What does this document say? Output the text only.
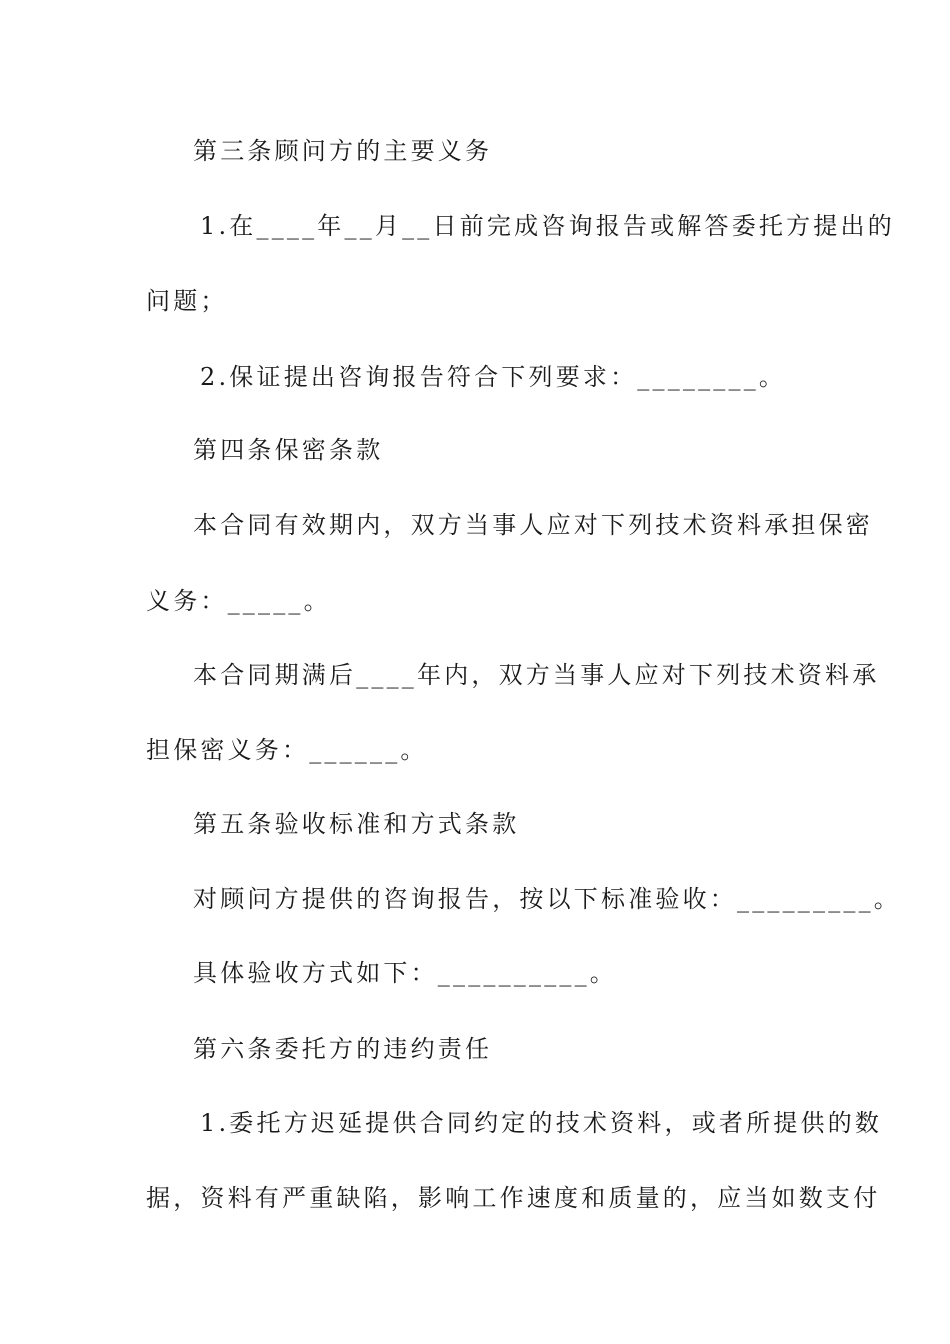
第三条顾问方的主要义务
1.在____年__月__日前完成咨询报告或解答委托方提出的
问题；
2.保证提出咨询报告符合下列要求：________。
第四条保密条款
本合同有效期内，双方当事人应对下列技术资料承担保密
义务：_____。
本合同期满后____年内，双方当事人应对下列技术资料承
担保密义务：______。
第五条验收标准和方式条款
对顾问方提供的咨询报告，按以下标准验收：_________。
具体验收方式如下：__________。
第六条委托方的违约责任
1.委托方迟延提供合同约定的技术资料，或者所提供的数
据，资料有严重缺陷，影响工作速度和质量的，应当如数支付
